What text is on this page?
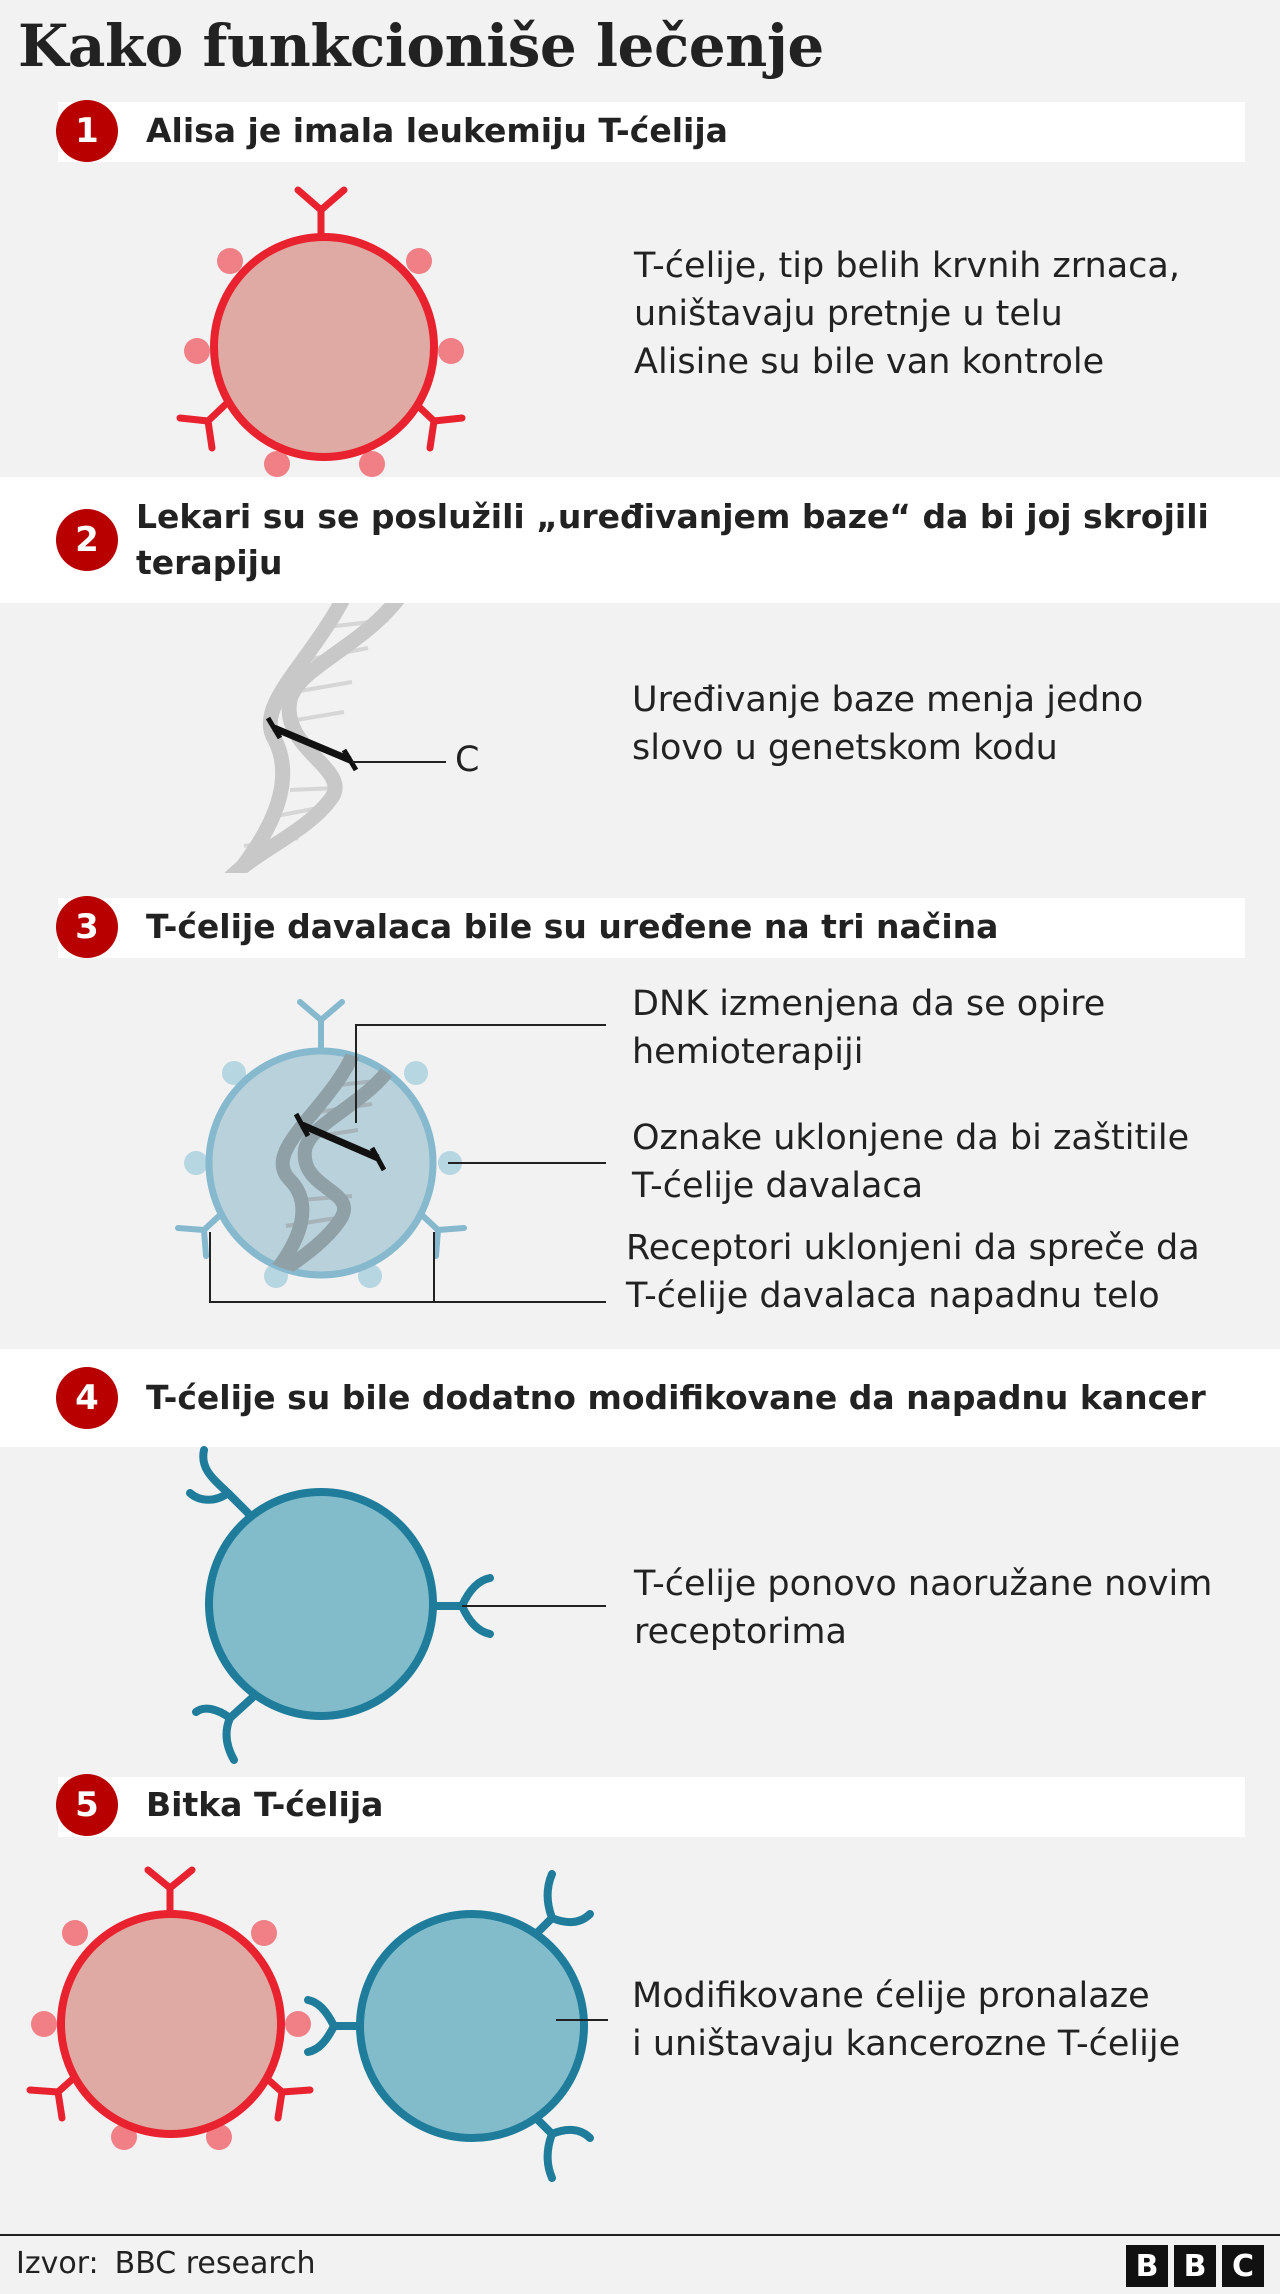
Kako funkcioniše lečenje
1	Alisa je imala leukemiju T-ćelija
2
Lekari su se poslužili „uređivanjem baze“ da bi joj skrojili terapiju
3	T-ćelije davalaca bile su uređene na tri načina
4	T-ćelije su bile dodatno modifikovane da napadnu kancer
5	Bitka T-ćelija
T-ćelije, tip belih krvnih zrnaca,
uništavaju pretnje u telu
Alisine su bile van kontrole
Uređivanje baze menja jedno
slovo u genetskom kodu
C
DNK izmenjena da se opire
hemioterapiji
Oznake uklonjene da bi zaštitile
T-ćelije davalaca
Receptori uklonjeni da spreče da
T-ćelije davalaca napadnu telo
T-ćelije ponovo naoružane novim
receptorima
Modifikovane ćelije pronalaze
i uništavaju kancerozne T-ćelije
Izvor: BBC research	B B C
